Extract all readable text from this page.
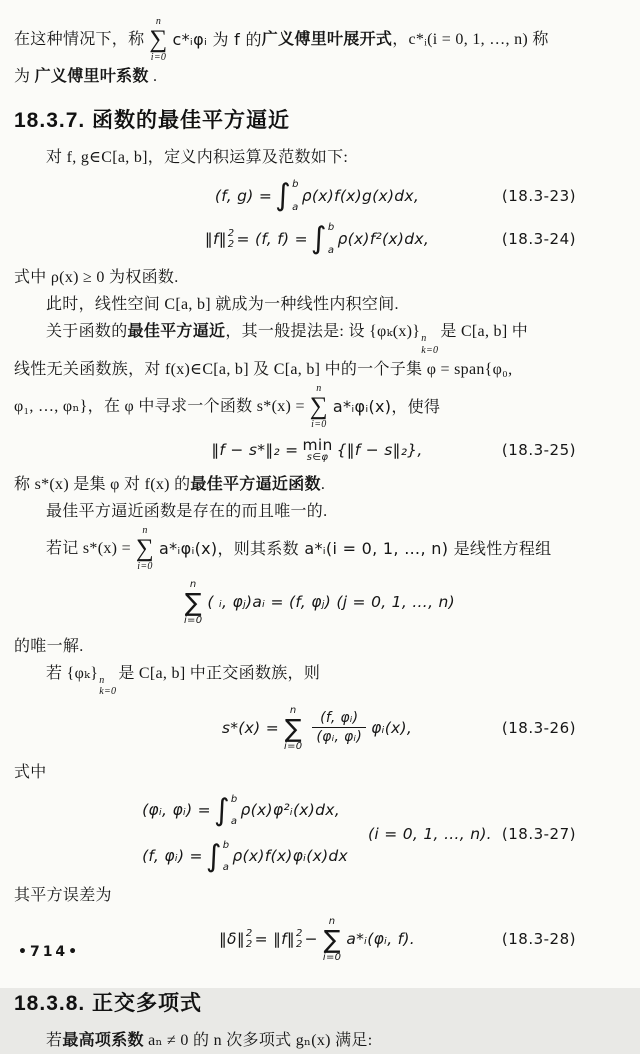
在这种情况下，称
n
∑
i=0
c*ᵢφᵢ 为 f 的 广义傅里叶展开式 ，c*ᵢ(i = 0, 1, …, n) 称
为 广义傅里叶系数 .
18.3.7. 函数的最佳平方逼近
对 f, g∈C[a, b]，定义内积运算及范数如下:
(f, g) = ∫ b
a
ρ(x)f(x)g(x)dx,	(18.3-23)
‖f‖ 2
2 = (f, f) = ∫ b
a
ρ(x)f²(x)dx,	(18.3-24)
式中 ρ(x) ≥ 0 为权函数.
此时，线性空间 C[a, b] 就成为一种线性内积空间.
关于函数的最佳平方逼近，其一般提法是: 设 {φₖ(x)} n
k=0
是 C[a, b] 中
线性无关函数族，对 f(x)∈C[a, b] 及 C[a, b] 中的一个子集 φ = span{φ₀,
φ₁, …, φₙ}，在 φ 中寻求一个函数 s*(x) =
n
∑
i=0
a*ᵢφᵢ(x)，使得
‖f − s*‖₂ = min
s∈φ {‖f − s‖₂},	(18.3-25)
称 s*(x) 是集 φ 对 f(x) 的最佳平方逼近函数.
最佳平方逼近函数是存在的而且唯一的.
若记 s*(x) =
n
∑
i=0
a*ᵢφᵢ(x)，则其系数 a*ᵢ(i = 0, 1, …, n) 是线性方程组
n
∑
i=0
( ᵢ, φⱼ)aᵢ = (f, φⱼ) (j = 0, 1, …, n)
的唯一解.
若 {φₖ} n
k=0
是 C[a, b] 中正交函数族，则
s*(x) =
n
∑
$i=0 \frac{\text{(f, φᵢ)}}{\text{(φᵢ, φᵢ)}}$ φᵢ(x),	(18.3-26)
式中
(φᵢ, φᵢ) = ∫ b
a
ρ(x)φ²ᵢ(x)dx,
(f, φᵢ) = ∫ b
a
ρ(x)f(x)φᵢ(x)dx
(i = 0, 1, …, n). (18.3-27)
其平方误差为
‖δ‖ 2
2 = ‖f‖ 2
2 −
n
∑
i=0
a*ᵢ(φᵢ, f).	(18.3-28)
18.3.8. 正交多项式
若最高项系数 aₙ ≠ 0 的 n 次多项式 gₙ(x) 满足:
•714•
